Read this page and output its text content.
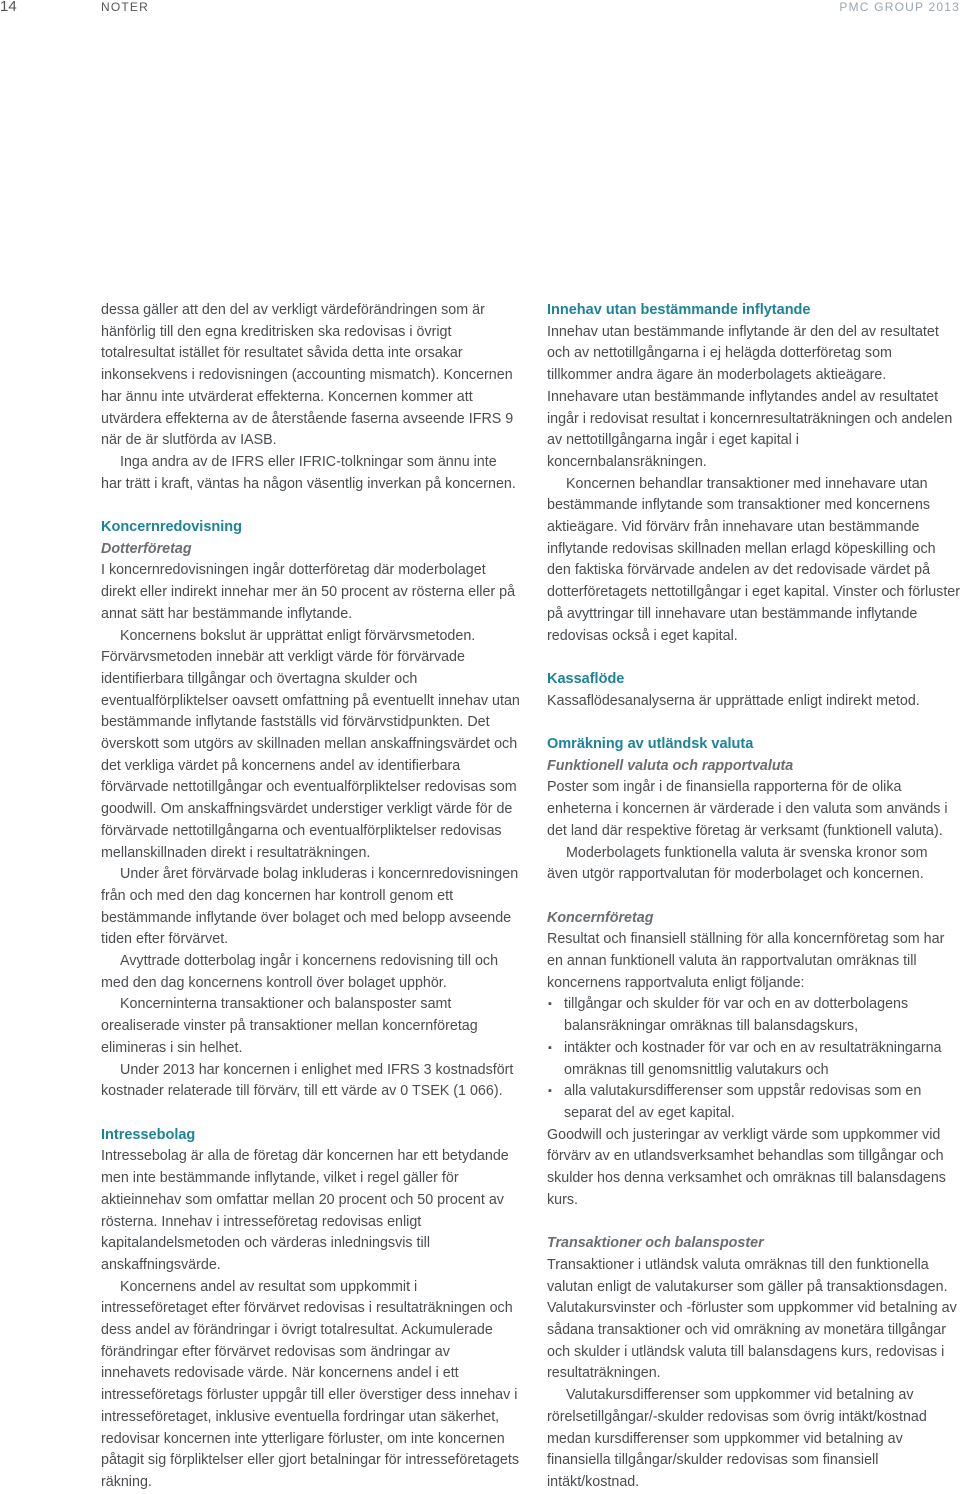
14	NOTER	PMC GROUP 2013

dessa gäller att den del av verkligt värdeförändringen som är hänförlig till den egna kreditrisken ska redovisas i övrigt totalresultat istället för resultatet såvida detta inte orsakar inkonsekvens i redovisningen (accounting mismatch). Koncernen har ännu inte utvärderat effekterna. Koncernen kommer att utvärdera effekterna av de återstående faserna avseende IFRS 9 när de är slutförda av IASB.

Inga andra av de IFRS eller IFRIC-tolkningar som ännu inte har trätt i kraft, väntas ha någon väsentlig inverkan på koncernen.

Koncernredovisning
Dotterföretag

I koncernredovisningen ingår dotterföretag där moderbolaget direkt eller indirekt innehar mer än 50 procent av rösterna eller på annat sätt har bestämmande inflytande.

Koncernens bokslut är upprättat enligt förvärvsmetoden. Förvärvsmetoden innebär att verkligt värde för förvärvade identifierbara tillgångar och övertagna skulder och eventualförpliktelser oavsett omfattning på eventuellt innehav utan bestämmande inflytande fastställs vid förvärvstidpunkten. Det överskott som utgörs av skillnaden mellan anskaffningsvärdet och det verkliga värdet på koncernens andel av identifierbara förvärvade nettotillgångar och eventualförpliktelser redovisas som goodwill. Om anskaffningsvärdet understiger verkligt värde för de förvärvade nettotillgångarna och eventualförpliktelser redovisas mellanskillnaden direkt i resultaträkningen.

Under året förvärvade bolag inkluderas i koncernredovisningen från och med den dag koncernen har kontroll genom ett bestämmande inflytande över bolaget och med belopp avseende tiden efter förvärvet.

Avyttrade dotterbolag ingår i koncernens redovisning till och med den dag koncernens kontroll över bolaget upphör.

Koncerninterna transaktioner och balansposter samt orealiserade vinster på transaktioner mellan koncernföretag elimineras i sin helhet.

Under 2013 har koncernen i enlighet med IFRS 3 kostnadsfört kostnader relaterade till förvärv, till ett värde av 0 TSEK (1 066).

Intressebolag

Intressebolag är alla de företag där koncernen har ett betydande men inte bestämmande inflytande, vilket i regel gäller för aktieinnehav som omfattar mellan 20 procent och 50 procent av rösterna. Innehav i intresseföretag redovisas enligt kapitalandelsmetoden och värderas inledningsvis till anskaffningsvärde.

Koncernens andel av resultat som uppkommit i intresseföretaget efter förvärvet redovisas i resultaträkningen och dess andel av förändringar i övrigt totalresultat. Ackumulerade förändringar efter förvärvet redovisas som ändringar av innehavets redovisade värde. När koncernens andel i ett intresseföretags förluster uppgår till eller överstiger dess innehav i intresseföretaget, inklusive eventuella fordringar utan säkerhet, redovisar koncernen inte ytterligare förluster, om inte koncernen påtagit sig förpliktelser eller gjort betalningar för intresseföretagets räkning.

Innehav utan bestämmande inflytande

Innehav utan bestämmande inflytande är den del av resultatet och av nettotillgångarna i ej helägda dotterföretag som tillkommer andra ägare än moderbolagets aktieägare. Innehavare utan bestämmande inflytandes andel av resultatet ingår i redovisat resultat i koncernresultaträkningen och andelen av nettotillgångarna ingår i eget kapital i koncernbalansräkningen.

Koncernen behandlar transaktioner med innehavare utan bestämmande inflytande som transaktioner med koncernens aktieägare. Vid förvärv från innehavare utan bestämmande inflytande redovisas skillnaden mellan erlagd köpeskilling och den faktiska förvärvade andelen av det redovisade värdet på dotterföretagets nettotillgångar i eget kapital. Vinster och förluster på avyttringar till innehavare utan bestämmande inflytande redovisas också i eget kapital.

Kassaflöde

Kassaflödesanalyserna är upprättade enligt indirekt metod.

Omräkning av utländsk valuta
Funktionell valuta och rapportvaluta

Poster som ingår i de finansiella rapporterna för de olika enheterna i koncernen är värderade i den valuta som används i det land där respektive företag är verksamt (funktionell valuta).

Moderbolagets funktionella valuta är svenska kronor som även utgör rapportvalutan för moderbolaget och koncernen.

Koncernföretag

Resultat och finansiell ställning för alla koncernföretag som har en annan funktionell valuta än rapportvalutan omräknas till koncernens rapportvaluta enligt följande:

▪ tillgångar och skulder för var och en av dotterbolagens balansräkningar omräknas till balansdagskurs,
▪ intäkter och kostnader för var och en av resultaträkningarna omräknas till genomsnittlig valutakurs och
▪ alla valutakursdifferenser som uppstår redovisas som en separat del av eget kapital.

Goodwill och justeringar av verkligt värde som uppkommer vid förvärv av en utlandsverksamhet behandlas som tillgångar och skulder hos denna verksamhet och omräknas till balansdagens kurs.

Transaktioner och balansposter

Transaktioner i utländsk valuta omräknas till den funktionella valutan enligt de valutakurser som gäller på transaktionsdagen. Valutakursvinster och -förluster som uppkommer vid betalning av sådana transaktioner och vid omräkning av monetära tillgångar och skulder i utländsk valuta till balansdagens kurs, redovisas i resultaträkningen.

Valutakursdifferenser som uppkommer vid betalning av rörelsetillgångar/-skulder redovisas som övrig intäkt/kostnad medan kursdifferenser som uppkommer vid betalning av finansiella tillgångar/skulder redovisas som finansiell intäkt/kostnad.
